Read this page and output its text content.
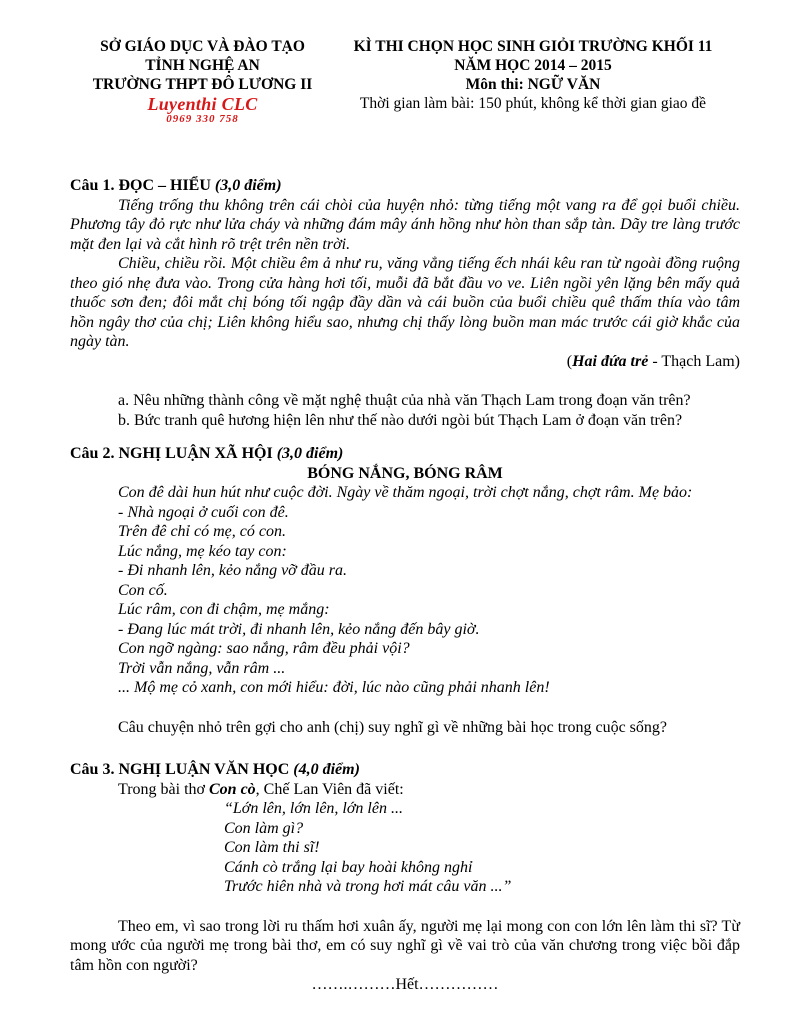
SỞ GIÁO DỤC VÀ ĐÀO TẠO
TỈNH NGHỆ AN
TRƯỜNG THPT ĐÔ LƯƠNG II
Luyenthi CLC
0969 330 758
KÌ THI CHỌN HỌC SINH GIỎI TRƯỜNG KHỐI 11
NĂM HỌC 2014 – 2015
Môn thi: NGỮ VĂN
Thời gian làm bài: 150 phút, không kể thời gian giao đề

Câu 1. ĐỌC – HIỂU (3,0 điểm)

Tiếng trống thu không trên cái chòi của huyện nhỏ: từng tiếng một vang ra để gọi buổi chiều. Phương tây đỏ rực như lửa cháy và những đám mây ánh hồng như hòn than sắp tàn. Dãy tre làng trước mặt đen lại và cắt hình rõ trệt trên nền trời.

Chiều, chiều rồi. Một chiều êm ả như ru, văng vẳng tiếng ếch nhái kêu ran từ ngoài đồng ruộng theo gió nhẹ đưa vào. Trong cửa hàng hơi tối, muỗi đã bắt đầu vo ve. Liên ngồi yên lặng bên mấy quả thuốc sơn đen; đôi mắt chị bóng tối ngập đầy dần và cái buồn của buổi chiều quê thấm thía vào tâm hồn ngây thơ của chị; Liên không hiểu sao, nhưng chị thấy lòng buồn man mác trước cái giờ khắc của ngày tàn.

(Hai đứa trẻ - Thạch Lam)

a. Nêu những thành công về mặt nghệ thuật của nhà văn Thạch Lam trong đoạn văn trên?

b. Bức tranh quê hương hiện lên như thế nào dưới ngòi bút Thạch Lam ở đoạn văn trên?

Câu 2. NGHỊ LUẬN XÃ HỘI (3,0 điểm)

BÓNG NẮNG, BÓNG RÂM

Con đê dài hun hút như cuộc đời. Ngày về thăm ngoại, trời chợt nắng, chợt râm. Mẹ bảo:

- Nhà ngoại ở cuối con đê.

Trên đê chỉ có mẹ, có con.

Lúc nắng, mẹ kéo tay con:

- Đi nhanh lên, kẻo nắng vỡ đầu ra.

Con cố.

Lúc râm, con đi chậm, mẹ mắng:

- Đang lúc mát trời, đi nhanh lên, kẻo nắng đến bây giờ.

Con ngỡ ngàng: sao nắng, râm đều phải vội?

Trời vẫn nắng, vẫn râm ...

... Mộ mẹ cỏ xanh, con mới hiểu: đời, lúc nào cũng phải nhanh lên!

Câu chuyện nhỏ trên gợi cho anh (chị) suy nghĩ gì về những bài học trong cuộc sống?

Câu 3. NGHỊ LUẬN VĂN HỌC (4,0 điểm)

Trong bài thơ Con cò, Chế Lan Viên đã viết:

“Lớn lên, lớn lên, lớn lên ...

Con làm gì?

Con làm thi sĩ!

Cánh cò trắng lại bay hoài không nghỉ

Trước hiên nhà và trong hơi mát câu văn ...”

Theo em, vì sao trong lời ru thấm hơi xuân ấy, người mẹ lại mong con con lớn lên làm thi sĩ? Từ mong ước của người mẹ trong bài thơ, em có suy nghĩ gì về vai trò của văn chương trong việc bồi đắp tâm hồn con người?

…….………Hết……………
